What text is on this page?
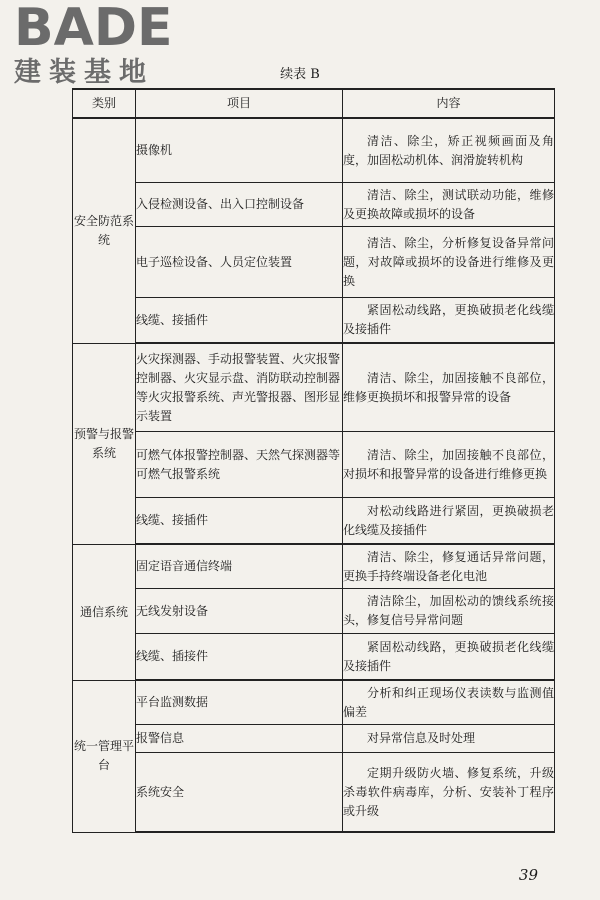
BADE
建装基地	续表 B
类别	项目	内容
安全防范系统	摄像机	清洁、除尘，矫正视频画面及角度，加固松动机体、润滑旋转机构
	入侵检测设备、出入口控制设备	清洁、除尘，测试联动功能，维修及更换故障或损坏的设备
	电子巡检设备、人员定位装置	清洁、除尘，分析修复设备异常问题，对故障或损坏的设备进行维修及更换
	线缆、接插件	紧固松动线路，更换破损老化线缆及接插件
预警与报警系统	火灾探测器、手动报警装置、火灾报警控制器、火灾显示盘、消防联动控制器等火灾报警系统、声光警报器、图形显示装置	清洁、除尘，加固接触不良部位，维修更换损坏和报警异常的设备
	可燃气体报警控制器、天然气探测器等可燃气报警系统	清洁、除尘，加固接触不良部位，对损坏和报警异常的设备进行维修更换
	线缆、接插件	对松动线路进行紧固，更换破损老化线缆及接插件
通信系统	固定语音通信终端	清洁、除尘，修复通话异常问题，更换手持终端设备老化电池
	无线发射设备	清洁除尘，加固松动的馈线系统接头，修复信号异常问题
	线缆、插接件	紧固松动线路，更换破损老化线缆及接插件
统一管理平台	平台监测数据	分析和纠正现场仪表读数与监测值偏差
	报警信息	对异常信息及时处理
	系统安全	定期升级防火墙、修复系统，升级杀毒软件病毒库，分析、安装补丁程序或升级
39
